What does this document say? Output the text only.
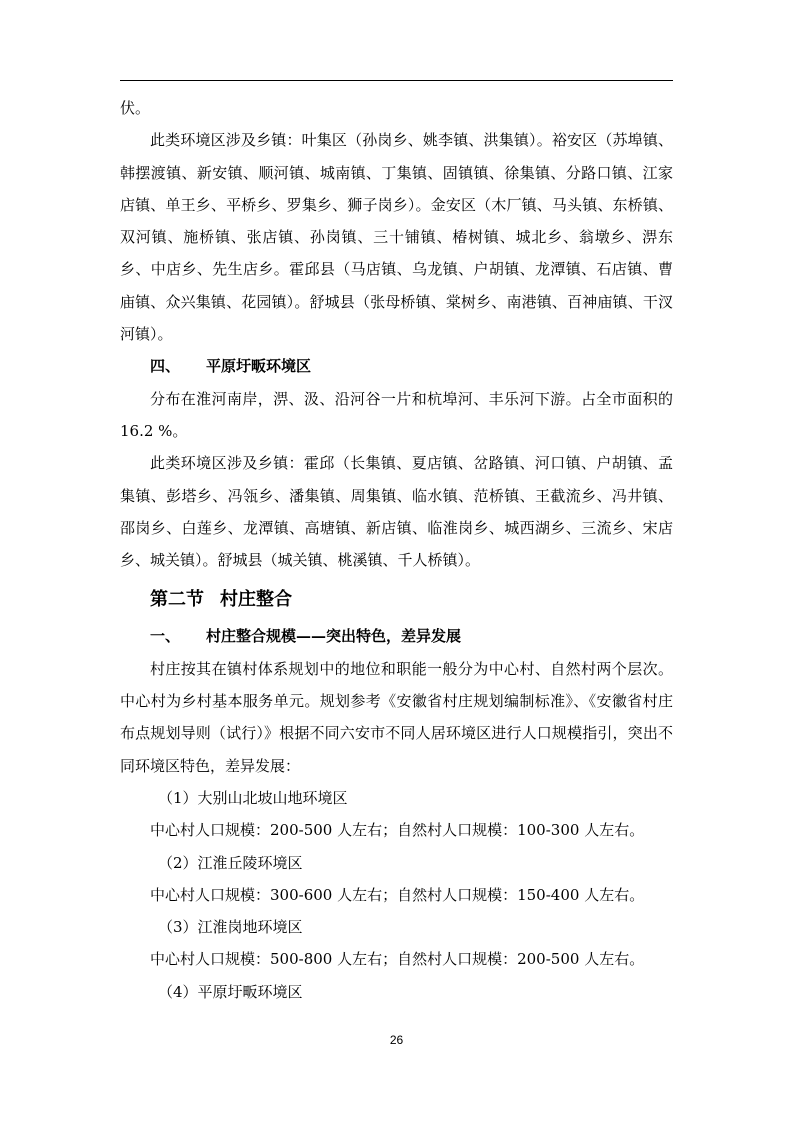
伏。

此类环境区涉及乡镇：叶集区（孙岗乡、姚李镇、洪集镇）。裕安区（苏埠镇、韩摆渡镇、新安镇、顺河镇、城南镇、丁集镇、固镇镇、徐集镇、分路口镇、江家店镇、单王乡、平桥乡、罗集乡、狮子岗乡）。金安区（木厂镇、马头镇、东桥镇、双河镇、施桥镇、张店镇、孙岗镇、三十铺镇、椿树镇、城北乡、翁墩乡、淠东乡、中店乡、先生店乡。霍邱县（马店镇、乌龙镇、户胡镇、龙潭镇、石店镇、曹庙镇、众兴集镇、花园镇）。舒城县（张母桥镇、棠树乡、南港镇、百神庙镇、干汊河镇）。

四、 平原圩畈环境区

分布在淮河南岸，淠、汲、沿河谷一片和杭埠河、丰乐河下游。占全市面积的 16.2 %。

此类环境区涉及乡镇：霍邱（长集镇、夏店镇、岔路镇、河口镇、户胡镇、孟集镇、彭塔乡、冯瓴乡、潘集镇、周集镇、临水镇、范桥镇、王截流乡、冯井镇、邵岗乡、白莲乡、龙潭镇、高塘镇、新店镇、临淮岗乡、城西湖乡、三流乡、宋店乡、城关镇）。舒城县（城关镇、桃溪镇、千人桥镇）。

第二节 村庄整合

一、 村庄整合规模——突出特色，差异发展

村庄按其在镇村体系规划中的地位和职能一般分为中心村、自然村两个层次。中心村为乡村基本服务单元。规划参考《安徽省村庄规划编制标准》、《安徽省村庄布点规划导则（试行）》根据不同六安市不同人居环境区进行人口规模指引，突出不同环境区特色，差异发展：

（1）大别山北坡山地环境区

中心村人口规模：200-500 人左右；自然村人口规模：100-300 人左右。

（2）江淮丘陵环境区

中心村人口规模：300-600 人左右；自然村人口规模：150-400 人左右。

（3）江淮岗地环境区

中心村人口规模：500-800 人左右；自然村人口规模：200-500 人左右。

（4）平原圩畈环境区

26
